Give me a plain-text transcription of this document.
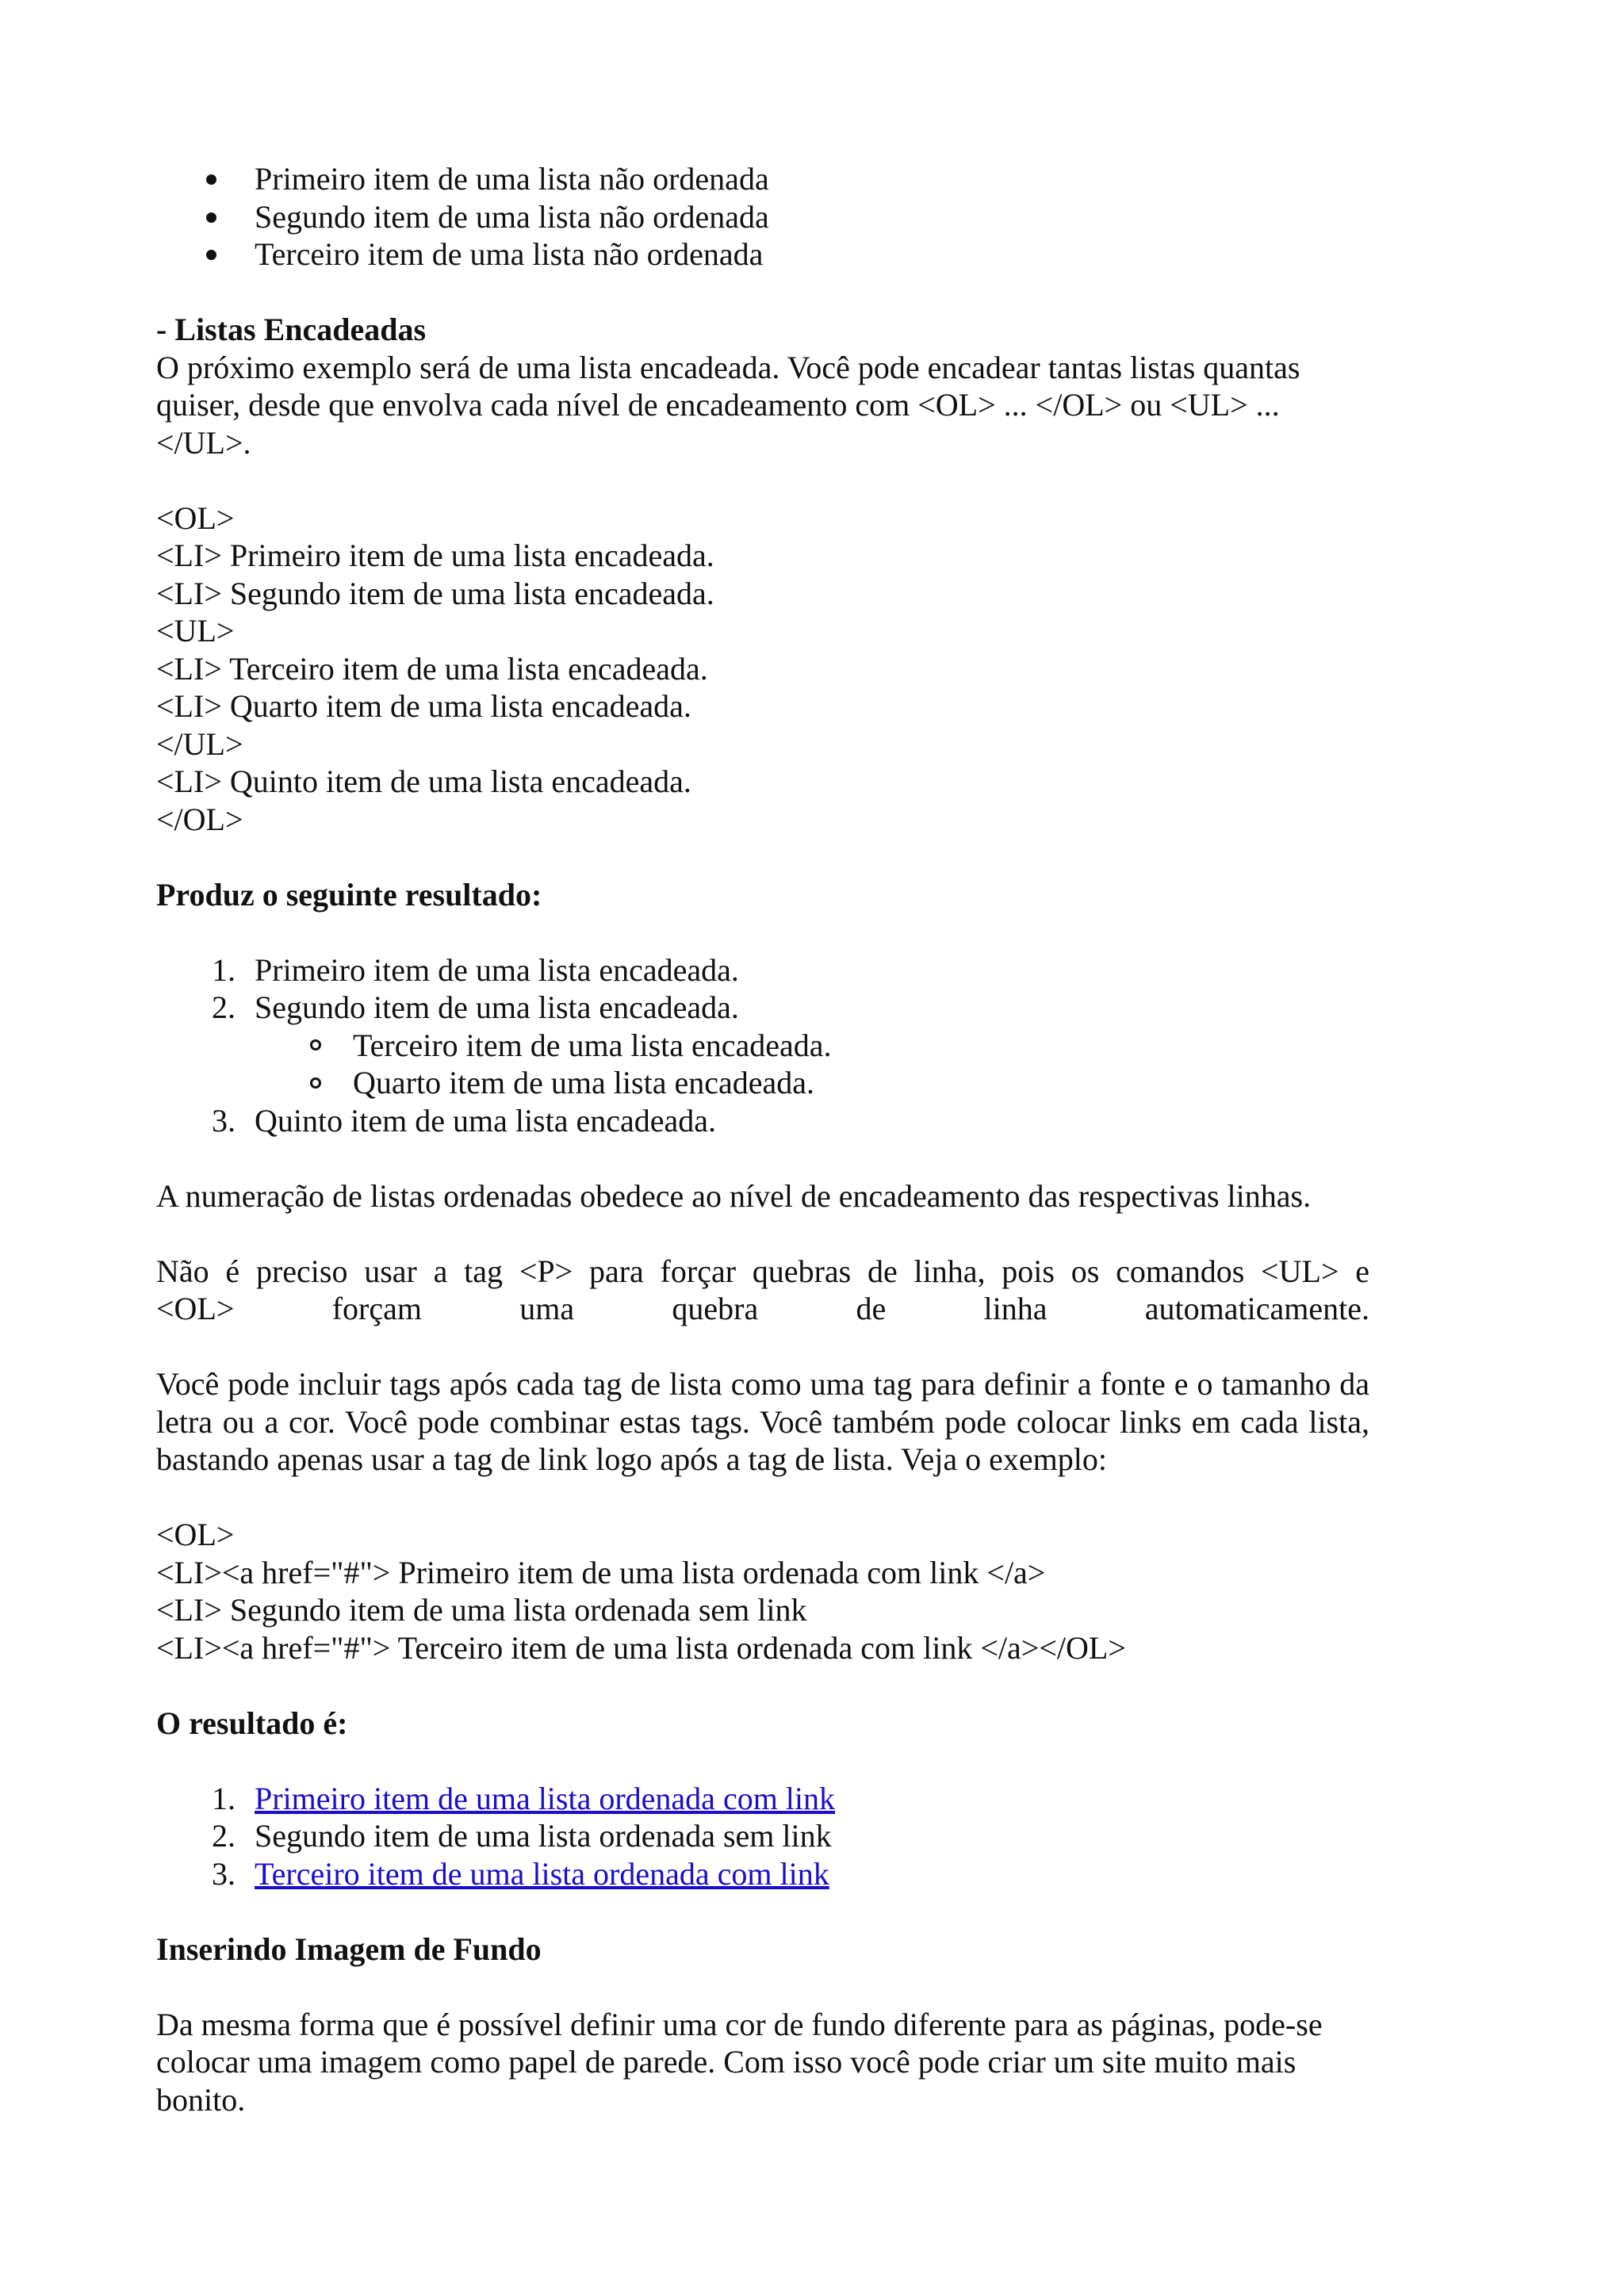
Primeiro item de uma lista não ordenada
Segundo item de uma lista não ordenada
Terceiro item de uma lista não ordenada

- Listas Encadeadas

O próximo exemplo será de uma lista encadeada. Você pode encadear tantas listas quantas quiser, desde que envolva cada nível de encadeamento com <OL> ... </OL> ou <UL> ... </UL>.

<OL>
<LI> Primeiro item de uma lista encadeada.
<LI> Segundo item de uma lista encadeada.
<UL>
<LI> Terceiro item de uma lista encadeada.
<LI> Quarto item de uma lista encadeada.
</UL>
<LI> Quinto item de uma lista encadeada.
</OL>

Produz o seguinte resultado:

1. Primeiro item de uma lista encadeada.
2. Segundo item de uma lista encadeada.
Terceiro item de uma lista encadeada.
Quarto item de uma lista encadeada.
3. Quinto item de uma lista encadeada.

A numeração de listas ordenadas obedece ao nível de encadeamento das respectivas linhas.

Não é preciso usar a tag <P> para forçar quebras de linha, pois os comandos <UL> e

<OL> forçam uma quebra de linha automaticamente.

Você pode incluir tags após cada tag de lista como uma tag para definir a fonte e o tamanho da letra ou a cor. Você pode combinar estas tags. Você também pode colocar links em cada lista, bastando apenas usar a tag de link logo após a tag de lista. Veja o exemplo:

<OL>
<LI><a href="#"> Primeiro item de uma lista ordenada com link </a>
<LI> Segundo item de uma lista ordenada sem link
<LI><a href="#"> Terceiro item de uma lista ordenada com link </a></OL>

O resultado é:

1. Primeiro item de uma lista ordenada com link
2. Segundo item de uma lista ordenada sem link
3. Terceiro item de uma lista ordenada com link

Inserindo Imagem de Fundo

Da mesma forma que é possível definir uma cor de fundo diferente para as páginas, pode-se colocar uma imagem como papel de parede. Com isso você pode criar um site muito mais bonito.
